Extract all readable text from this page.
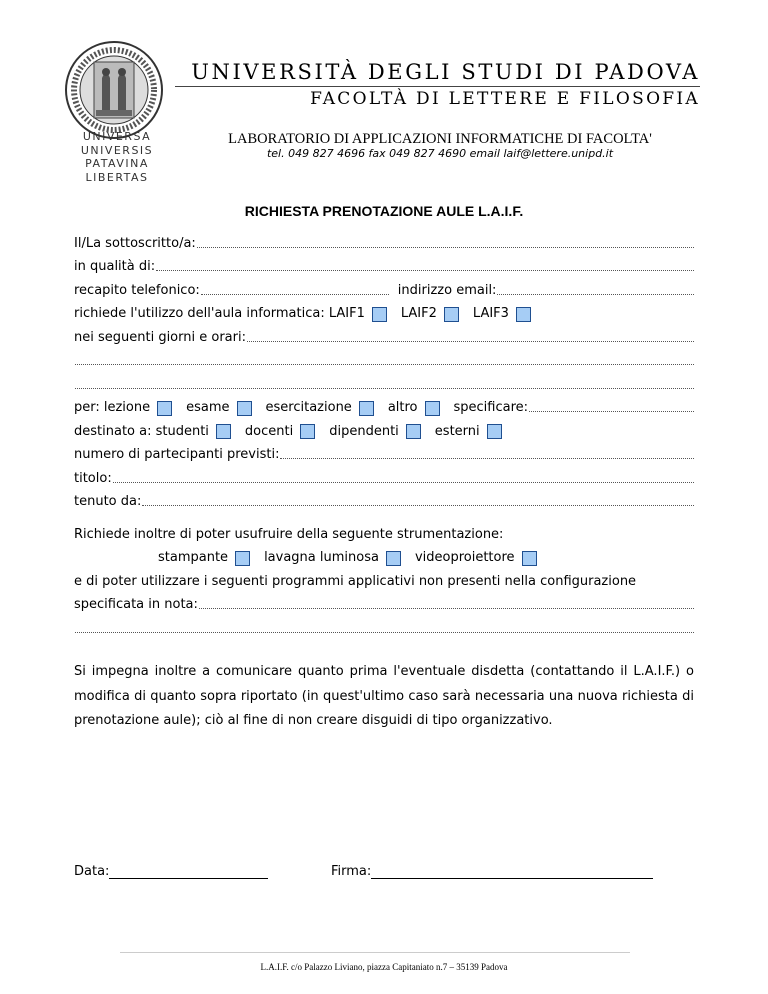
UNIVERSA
UNIVERSIS
PATAVINA
LIBERTAS
UNIVERSITÀ DEGLI STUDI DI PADOVA
FACOLTÀ DI LETTERE E FILOSOFIA
LABORATORIO DI APPLICAZIONI INFORMATICHE DI FACOLTA'
tel. 049 827 4696 fax 049 827 4690 email laif@lettere.unipd.it
RICHIESTA PRENOTAZIONE AULE L.A.I.F.
Il/La sottoscritto/a:
in qualità di:
recapito telefonico:	indirizzo email:
richiede l'utilizzo dell'aula informatica: LAIF1	LAIF2	LAIF3
nei seguenti giorni e orari:
per: lezione	esame	esercitazione	altro	specificare:
destinato a: studenti	docenti	dipendenti	esterni
numero di partecipanti previsti:
titolo:
tenuto da:
Richiede inoltre di poter usufruire della seguente strumentazione:
stampante	lavagna luminosa	videoproiettore
e di poter utilizzare i seguenti programmi applicativi non presenti nella configurazione
specificata in nota:
Si impegna inoltre a comunicare quanto prima l'eventuale disdetta (contattando il L.A.I.F.) o modifica di quanto sopra riportato (in quest'ultimo caso sarà necessaria una nuova richiesta di prenotazione aule); ciò al fine di non creare disguidi di tipo organizzativo.
Data:	Firma:
L.A.I.F. c/o Palazzo Liviano, piazza Capitaniato n.7 – 35139 Padova
